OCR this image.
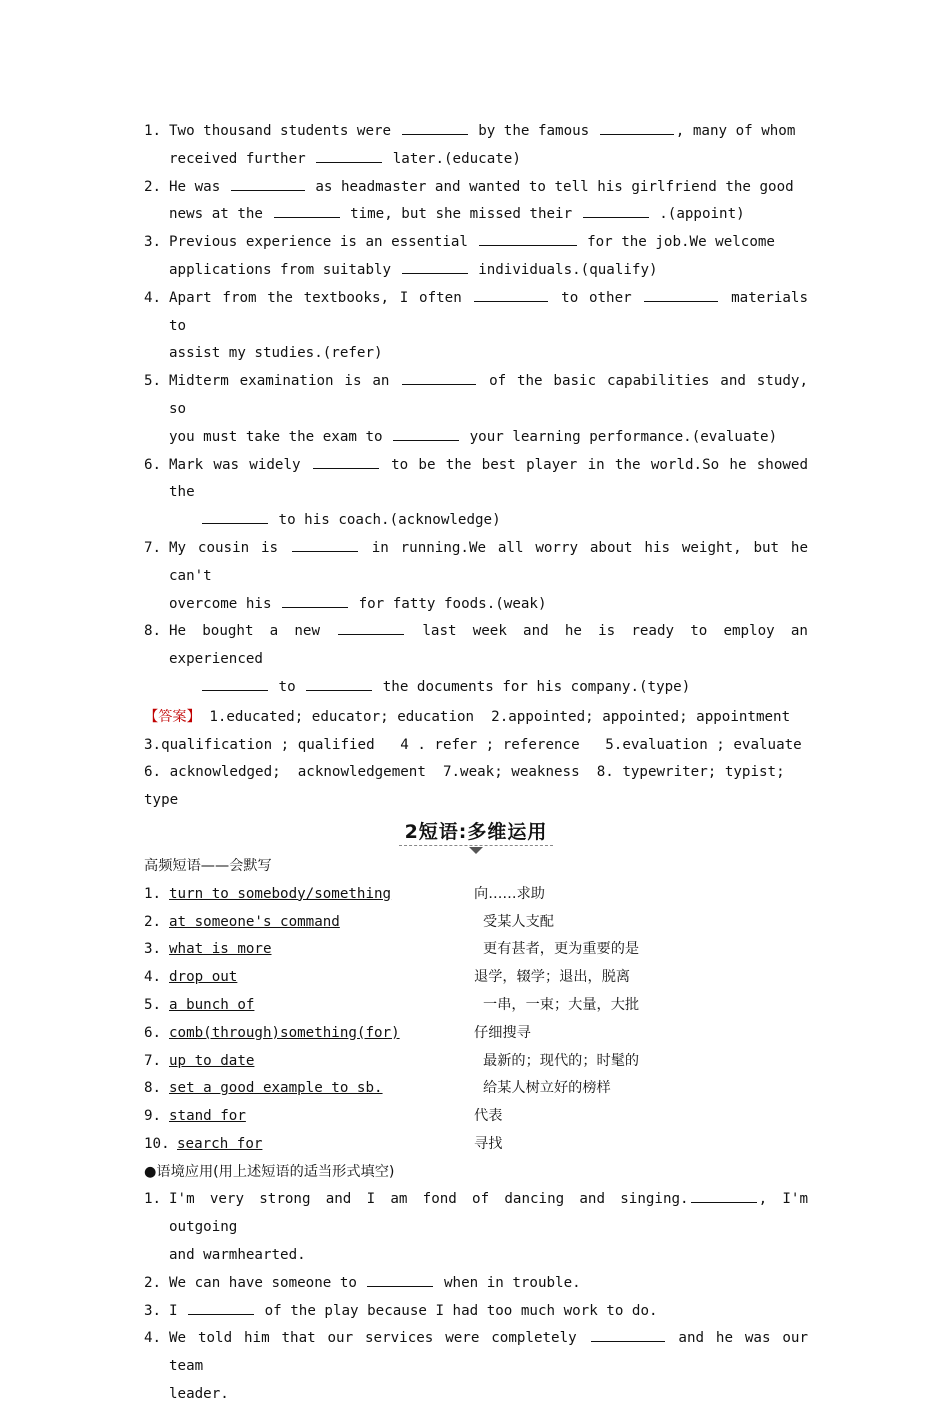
1. Two thousand students were	by the famous	, many of whom
received further	later.(educate)
2. He was	as headmaster and wanted to tell his girlfriend the good
news at the	time, but she missed their	.(appoint)
3. Previous experience is an essential	for the job.We welcome
applications from suitably	individuals.(qualify)
4. Apart from the textbooks, I often	to other	materials to
assist my studies.(refer)
5. Midterm examination is an	of the basic capabilities and study, so
you must take the exam to	your learning performance.(evaluate)
6. Mark was widely	to be the best player in the world.So he showed the
to his coach.(acknowledge)
7. My cousin is	in running.We all worry about his weight, but he can't
overcome his	for fatty foods.(weak)
8. He bought a new	last week and he is ready to employ an experienced
to	the documents for his company.(type)
【答案】 1.educated; educator; education  2.appointed; appointed; appointment
3.qualification ; qualified   4 . refer ; reference   5.evaluation ; evaluate
6. acknowledged;  acknowledgement  7.weak; weakness  8. typewriter; typist;
type
2短语:多维运用
高频短语——会默写
1. turn to somebody/something	向……求助
2. at someone's command	受某人支配
3. what is more	更有甚者，更为重要的是
4. drop out	退学，辍学；退出，脱离
5. a bunch of	一串，一束；大量，大批
6. comb(through)something(for)	仔细搜寻
7. up to date	最新的；现代的；时髦的
8. set a good example to sb.	给某人树立好的榜样
9. stand for	代表
10. search for	寻找
●语境应用(用上述短语的适当形式填空)
1. I'm very strong and I am fond of dancing and singing.	, I'm outgoing
and warmhearted.
2. We can have someone to	when in trouble.
3. I	of the play because I had too much work to do.
4. We told him that our services were completely	and he was our team
leader.
